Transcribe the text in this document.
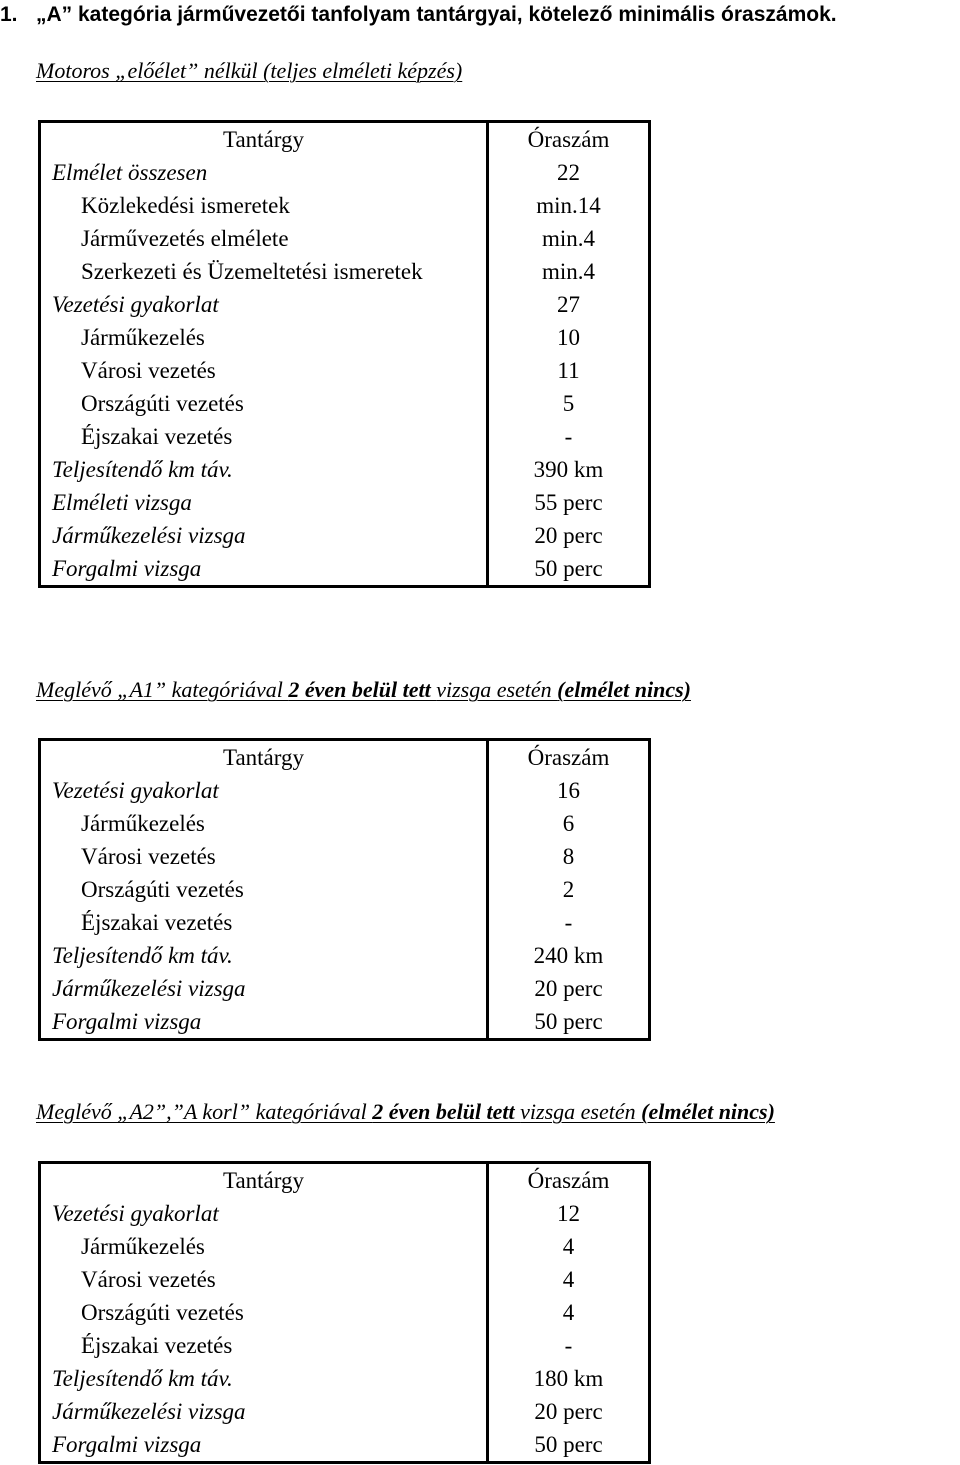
1. „A” kategória járművezetői tanfolyam tantárgyai, kötelező minimális óraszámok.
Motoros „előélet” nélkül (teljes elméleti képzés)
Tantárgy	Óraszám
Elmélet összesen	22
Közlekedési ismeretek	min.14
Járművezetés elmélete	min.4
Szerkezeti és Üzemeltetési ismeretek	min.4
Vezetési gyakorlat	27
Járműkezelés	10
Városi vezetés	11
Országúti vezetés	5
Éjszakai vezetés	-
Teljesítendő km táv.	390 km
Elméleti vizsga	55 perc
Járműkezelési vizsga	20 perc
Forgalmi vizsga	50 perc
Meglévő „A1” kategóriával 2 éven belül tett vizsga esetén (elmélet nincs)
Tantárgy	Óraszám
Vezetési gyakorlat	16
Járműkezelés	6
Városi vezetés	8
Országúti vezetés	2
Éjszakai vezetés	-
Teljesítendő km táv.	240 km
Járműkezelési vizsga	20 perc
Forgalmi vizsga	50 perc
Meglévő „A2”,”A korl” kategóriával 2 éven belül tett vizsga esetén (elmélet nincs)
Tantárgy	Óraszám
Vezetési gyakorlat	12
Járműkezelés	4
Városi vezetés	4
Országúti vezetés	4
Éjszakai vezetés	-
Teljesítendő km táv.	180 km
Járműkezelési vizsga	20 perc
Forgalmi vizsga	50 perc
